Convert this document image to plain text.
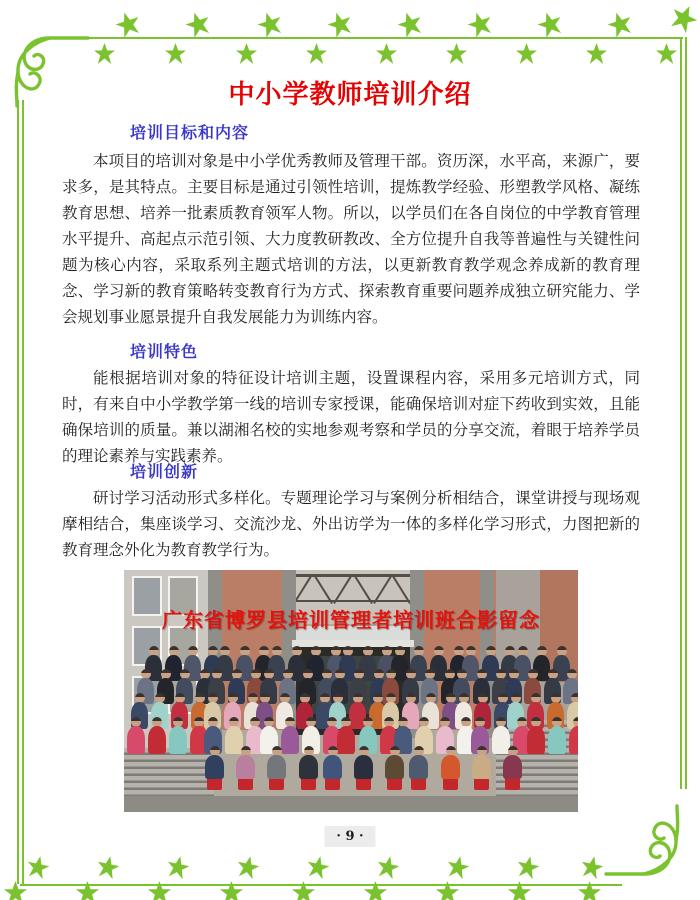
中小学教师培训介绍
培训目标和内容

本项目的培训对象是中小学优秀教师及管理干部。资历深，水平高，来源广，要求多，是其特点。主要目标是通过引领性培训，提炼教学经验、形塑教学风格、凝练教育思想、培养一批素质教育领军人物。所以，以学员们在各自岗位的中学教育管理水平提升、高起点示范引领、大力度教研教改、全方位提升自我等普遍性与关键性问题为核心内容，采取系列主题式培训的方法，以更新教育教学观念养成新的教育理念、学习新的教育策略转变教育行为方式、探索教育重要问题养成独立研究能力、学会规划事业愿景提升自我发展能力为训练内容。

培训特色

能根据培训对象的特征设计培训主题，设置课程内容，采用多元培训方式，同时，有来自中小学教学第一线的培训专家授课，能确保培训对症下药收到实效，且能确保培训的质量。兼以湖湘名校的实地参观考察和学员的分享交流，着眼于培养学员的理论素养与实践素养。

培训创新

研讨学习活动形式多样化。专题理论学习与案例分析相结合，课堂讲授与现场观摩相结合，集座谈学习、交流沙龙、外出访学为一体的多样化学习形式，力图把新的教育理念外化为教育教学行为。

广东省博罗县培训管理者培训班合影留念
· 9 ·
